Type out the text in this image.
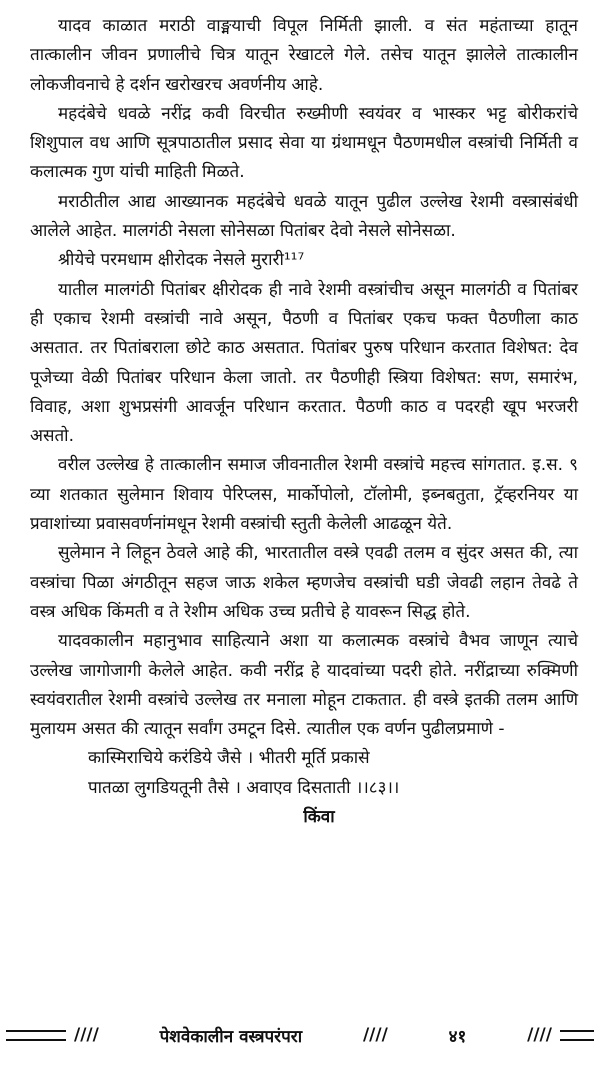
यादव काळात मराठी वाङ्मयाची विपूल निर्मिती झाली. व संत महंताच्या हातून तात्कालीन जीवन प्रणालीचे चित्र यातून रेखाटले गेले. तसेच यातून झालेले तात्कालीन लोकजीवनाचे हे दर्शन खरोखरच अवर्णनीय आहे.

महदंबेचे धवळे नरींद्र कवी विरचीत रुख्मीणी स्वयंवर व भास्कर भट्ट बोरीकरांचे शिशुपाल वध आणि सूत्रपाठातील प्रसाद सेवा या ग्रंथामधून पैठणमधील वस्त्रांची निर्मिती व कलात्मक गुण यांची माहिती मिळते.

मराठीतील आद्य आख्यानक महदंबेचे धवळे यातून पुढील उल्लेख रेशमी वस्त्रासंबंधी आलेले आहेत. मालगंठी नेसला सोनेसळा पितांबर देवो नेसले सोनेसळा.

श्रीयेचे परमधाम क्षीरोदक नेसले मुरारी¹¹⁷

यातील मालगंठी पितांबर क्षीरोदक ही नावे रेशमी वस्त्रांचीच असून मालगंठी व पितांबर ही एकाच रेशमी वस्त्रांची नावे असून, पैठणी व पितांबर एकच फक्त पैठणीला काठ असतात. तर पितांबराला छोटे काठ असतात. पितांबर पुरुष परिधान करतात विशेषत: देव पूजेच्या वेळी पितांबर परिधान केला जातो. तर पैठणीही स्त्रिया विशेषत: सण, समारंभ, विवाह, अशा शुभप्रसंगी आवर्जून परिधान करतात. पैठणी काठ व पदरही खूप भरजरी असतो.

वरील उल्लेख हे तात्कालीन समाज जीवनातील रेशमी वस्त्रांचे महत्त्व सांगतात. इ.स. ९ व्या शतकात सुलेमान शिवाय पेरिप्लस, मार्कोपोलो, टॉलोमी, इब्नबतुता, ट्रॅव्हरनियर या प्रवाशांच्या प्रवासवर्णनांमधून रेशमी वस्त्रांची स्तुती केलेली आढळून येते.

सुलेमान ने लिहून ठेवले आहे की, भारतातील वस्त्रे एवढी तलम व सुंदर असत की, त्या वस्त्रांचा पिळा अंगठीतून सहज जाऊ शकेल म्हणजेच वस्त्रांची घडी जेवढी लहान तेवढे ते वस्त्र अधिक किंमती व ते रेशीम अधिक उच्च प्रतीचे हे यावरून सिद्ध होते.

यादवकालीन महानुभाव साहित्याने अशा या कलात्मक वस्त्रांचे वैभव जाणून त्याचे उल्लेख जागोजागी केलेले आहेत. कवी नरींद्र हे यादवांच्या पदरी होते. नरींद्राच्या रुक्मिणी स्वयंवरातील रेशमी वस्त्रांचे उल्लेख तर मनाला मोहून टाकतात. ही वस्त्रे इतकी तलम आणि मुलायम असत की त्यातून सर्वांग उमटून दिसे. त्यातील एक वर्णन पुढीलप्रमाणे -

कास्मिराचिये करंडिये जैसे । भीतरी मूर्ति प्रकासे

पातळा लुगडियतूनी तैसे । अवाएव दिसताती ।।८३।।

किंवा

////	पेशवेकालीन वस्त्रपरंपरा	////	४१	////
